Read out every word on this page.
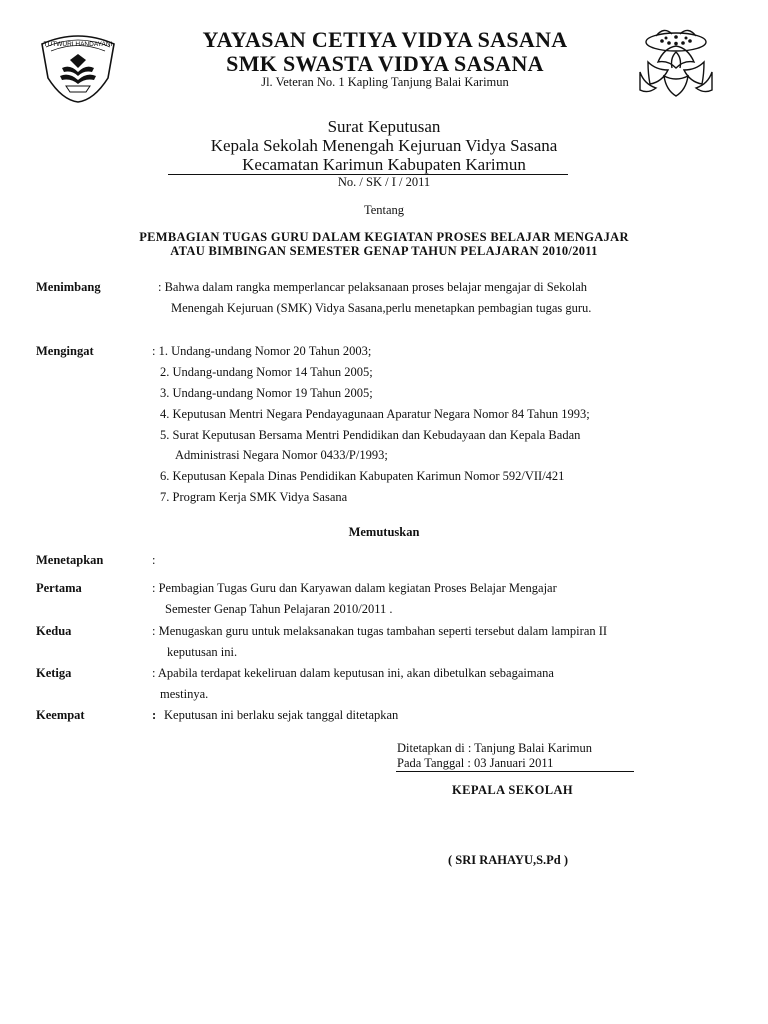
TUTWURI HANDAYANI	YAYASAN CETIYA VIDYA SASANA
SMK SWASTA VIDYA SASANA
Jl. Veteran No. 1 Kapling Tanjung Balai Karimun
Surat Keputusan
Kepala Sekolah Menengah Kejuruan Vidya Sasana
Kecamatan Karimun Kabupaten Karimun
No. / SK / I / 2011
Tentang
PEMBAGIAN TUGAS GURU DALAM KEGIATAN PROSES BELAJAR MENGAJAR
ATAU BIMBINGAN SEMESTER GENAP TAHUN PELAJARAN 2010/2011
Menimbang	: Bahwa dalam rangka memperlancar pelaksanaan proses belajar mengajar di Sekolah
Menengah Kejuruan (SMK) Vidya Sasana,perlu menetapkan pembagian tugas guru.
Mengingat	: 1. Undang-undang Nomor 20 Tahun 2003;
2. Undang-undang Nomor 14 Tahun 2005;
3. Undang-undang Nomor 19 Tahun 2005;
4. Keputusan Mentri Negara Pendayagunaan Aparatur Negara Nomor 84 Tahun 1993;
5. Surat Keputusan Bersama Mentri Pendidikan dan Kebudayaan dan Kepala Badan
Administrasi Negara Nomor 0433/P/1993;
6. Keputusan Kepala Dinas Pendidikan Kabupaten Karimun Nomor 592/VII/421
7. Program Kerja SMK Vidya Sasana
Memutuskan
Menetapkan	:
Pertama	: Pembagian Tugas Guru dan Karyawan dalam kegiatan Proses Belajar Mengajar
Semester Genap Tahun Pelajaran 2010/2011 .
Kedua	: Menugaskan guru untuk melaksanakan tugas tambahan seperti tersebut dalam lampiran II
keputusan ini.
Ketiga	: Apabila terdapat kekeliruan dalam keputusan ini, akan dibetulkan sebagaimana
mestinya.
Keempat	: Keputusan ini berlaku sejak tanggal ditetapkan
Ditetapkan di : Tanjung Balai Karimun
Pada Tanggal : 03 Januari 2011
KEPALA SEKOLAH
( SRI RAHAYU,S.Pd )
